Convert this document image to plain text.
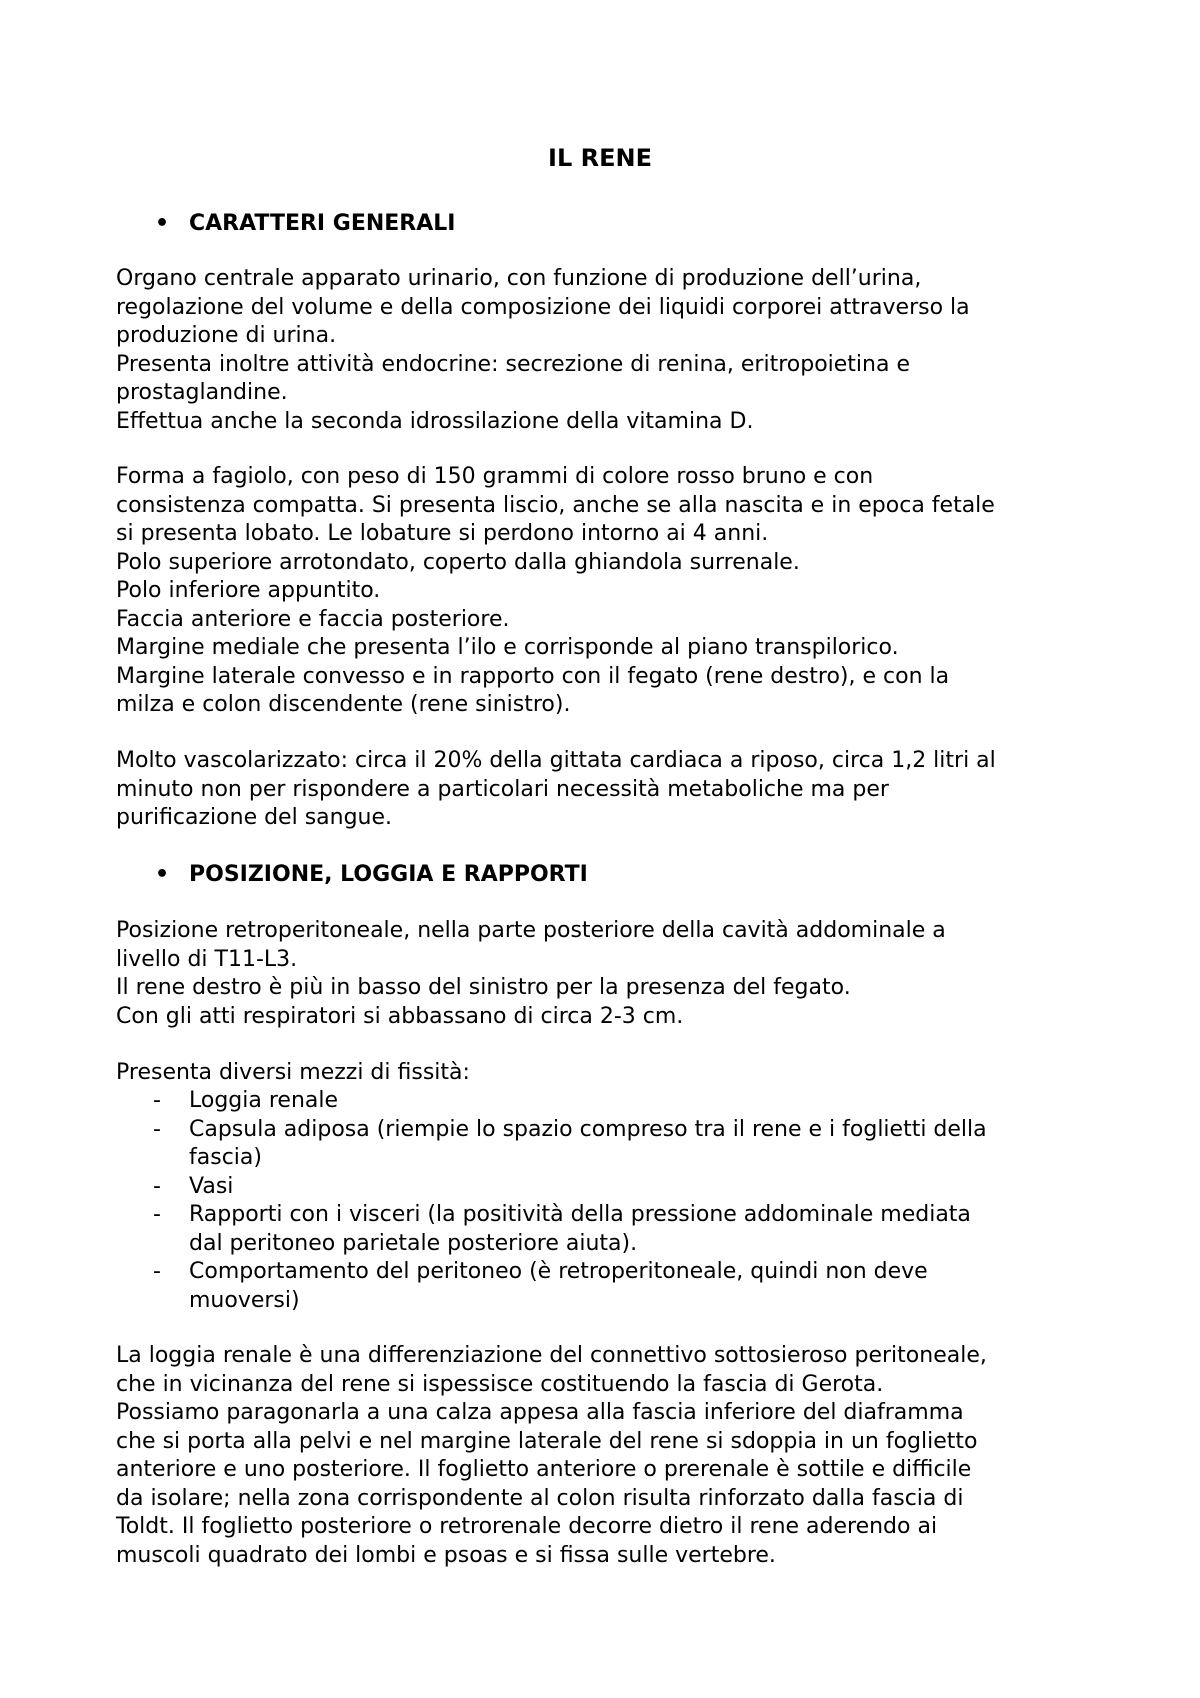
IL RENE
• CARATTERI GENERALI
Organo centrale apparato urinario, con funzione di produzione dell’urina,
regolazione del volume e della composizione dei liquidi corporei attraverso la
produzione di urina.
Presenta inoltre attività endocrine: secrezione di renina, eritropoietina e
prostaglandine.
Effettua anche la seconda idrossilazione della vitamina D.
Forma a fagiolo, con peso di 150 grammi di colore rosso bruno e con
consistenza compatta. Si presenta liscio, anche se alla nascita e in epoca fetale
si presenta lobato. Le lobature si perdono intorno ai 4 anni.
Polo superiore arrotondato, coperto dalla ghiandola surrenale.
Polo inferiore appuntito.
Faccia anteriore e faccia posteriore.
Margine mediale che presenta l’ilo e corrisponde al piano transpilorico.
Margine laterale convesso e in rapporto con il fegato (rene destro), e con la
milza e colon discendente (rene sinistro).
Molto vascolarizzato: circa il 20% della gittata cardiaca a riposo, circa 1,2 litri al
minuto non per rispondere a particolari necessità metaboliche ma per
purificazione del sangue.
• POSIZIONE, LOGGIA E RAPPORTI
Posizione retroperitoneale, nella parte posteriore della cavità addominale a
livello di T11-L3.
Il rene destro è più in basso del sinistro per la presenza del fegato.
Con gli atti respiratori si abbassano di circa 2-3 cm.
Presenta diversi mezzi di fissità:
- Loggia renale
- Capsula adiposa (riempie lo spazio compreso tra il rene e i foglietti della
fascia)
- Vasi
- Rapporti con i visceri (la positività della pressione addominale mediata
dal peritoneo parietale posteriore aiuta).
- Comportamento del peritoneo (è retroperitoneale, quindi non deve
muoversi)
La loggia renale è una differenziazione del connettivo sottosieroso peritoneale,
che in vicinanza del rene si ispessisce costituendo la fascia di Gerota.
Possiamo paragonarla a una calza appesa alla fascia inferiore del diaframma
che si porta alla pelvi e nel margine laterale del rene si sdoppia in un foglietto
anteriore e uno posteriore. Il foglietto anteriore o prerenale è sottile e difficile
da isolare; nella zona corrispondente al colon risulta rinforzato dalla fascia di
Toldt. Il foglietto posteriore o retrorenale decorre dietro il rene aderendo ai
muscoli quadrato dei lombi e psoas e si fissa sulle vertebre.
